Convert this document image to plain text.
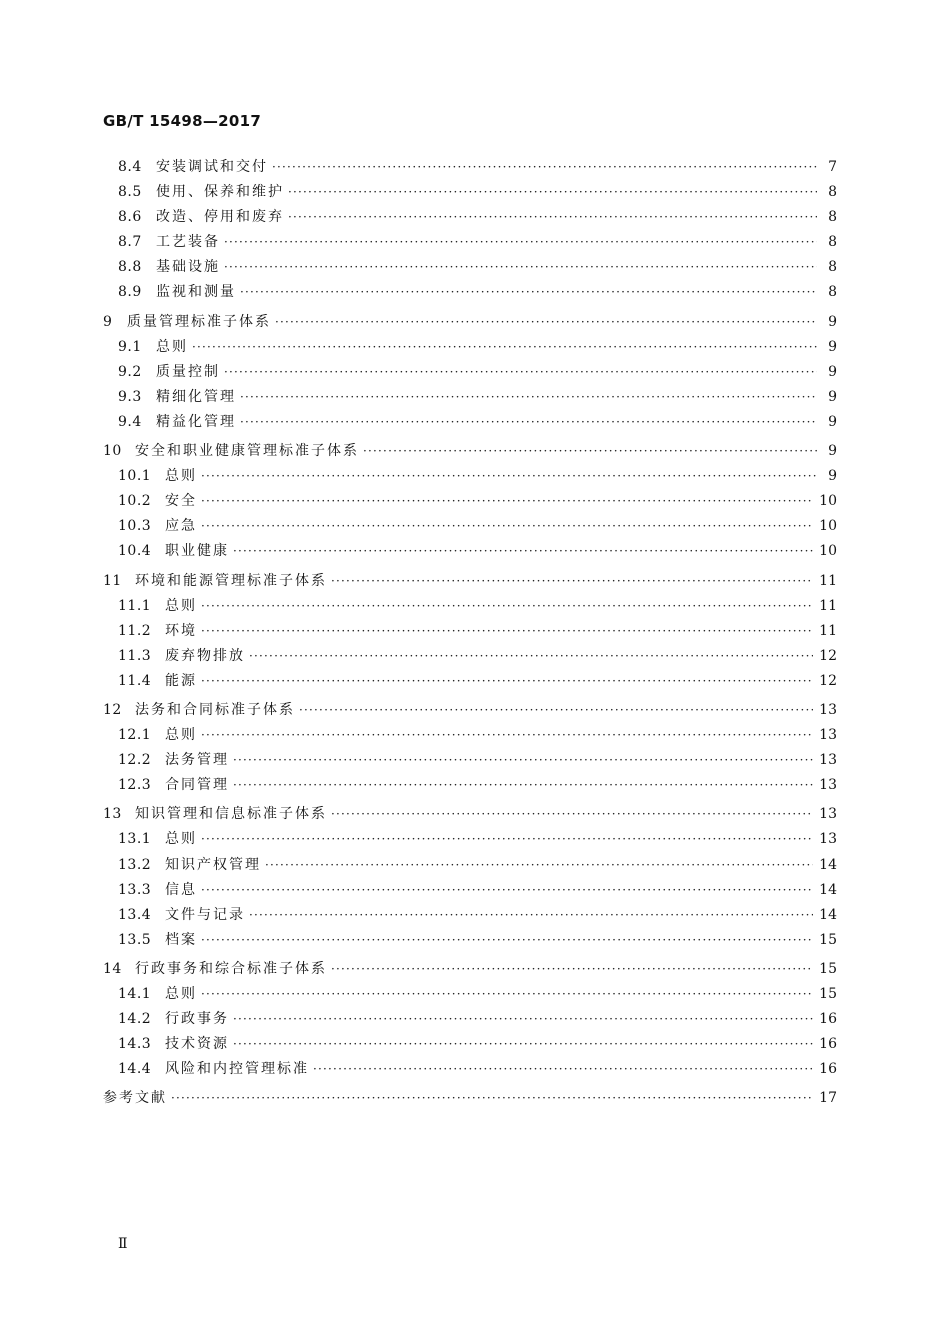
GB/T 15498—2017
8.4	安装调试和交付 ·····	7
8.5	使用、保养和维护 ·····	8
8.6	改造、停用和废弃 ·····	8
8.7	工艺装备 ·····	8
8.8	基础设施 ·····	8
8.9	监视和测量 ·····	8
9	质量管理标准子体系 ·····	9
9.1	总则 ·····	9
9.2	质量控制 ·····	9
9.3	精细化管理 ·····	9
9.4	精益化管理 ·····	9
10 安全和职业健康管理标准子体系 ·····	9
10.1 总则 ·····	9
10.2 安全 ·····	10
10.3 应急 ·····	10
10.4 职业健康 ·····	10
11 环境和能源管理标准子体系 ·····	11
11.1 总则 ·····	11
11.2 环境 ·····	11
11.3 废弃物排放 ·····	12
11.4 能源 ·····	12
12 法务和合同标准子体系 ·····	13
12.1 总则 ·····	13
12.2 法务管理 ·····	13
12.3 合同管理 ·····	13
13 知识管理和信息标准子体系 ·····	13
13.1 总则 ·····	13
13.2 知识产权管理 ·····	14
13.3 信息 ·····	14
13.4 文件与记录 ·····	14
13.5 档案 ·····	15
14 行政事务和综合标准子体系 ·····	15
14.1 总则 ·····	15
14.2 行政事务 ·····	16
14.3 技术资源 ·····	16
14.4 风险和内控管理标准 ·····	16
参考文献 ·····	17
Ⅱ
